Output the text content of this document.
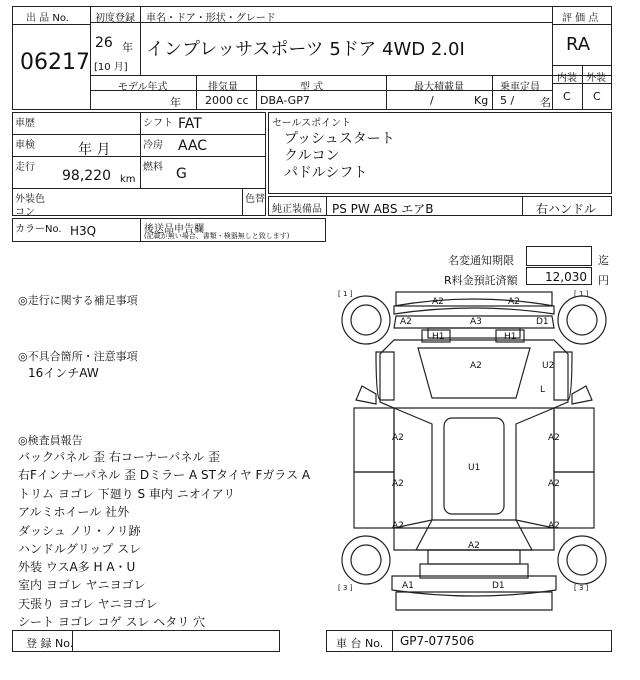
出 品 No.
06217
初度登録
26 年
[10 月]
車名・ドア・形状・グレード
インプレッサスポーツ 5ドア 4WD 2.0I
評 価 点
RA
内装 外装
C C
モデル年式
年
排気量
2000 cc
型 式
DBA-GP7
最大積載量
/	Kg
乗車定員
5 / 名
車歴	シフト FAT
車検	年 月	冷房 AAC
走行
98,220 km
燃料 G
外装色
コン
色替
セールスポイント
プッシュスタート
クルコン
パドルシフト
純正装備品 PS PW ABS エアB	右ハンドル
カラーNo. H3Q	後送品申告欄
(記載が無い場合、書類・検器無しと致します)
名変通知期限	迄
R料金預託済額 12,030 円
◎走行に関する補足事項
◎不具合箇所・注意事項
16インチAW
◎検査員報告
バックパネル 歪 右コーナーパネル 歪
右Fインナーパネル 歪 Dミラー A STタイヤ Fガラス A
トリム ヨゴレ 下廻り S 車内 ニオイアリ
アルミホイール 社外
ダッシュ ノリ・ノリ跡
ハンドルグリップ スレ
外装 ウスA多 H A・U
室内 ヨゴレ ヤニヨゴレ
天張り ヨゴレ ヤニヨゴレ
シート ヨゴレ コゲ スレ ヘタリ 穴
[ 1 ]	[ 1 ]
[ 3 ]	[ 3 ]
A2	A2
A2	A3	D1
H1	H1
A2	U2
L
A2	A2
U1
A2	A2
A2	A2
A2
A1	D1
登 録 No.	車 台 No. GP7-077506
